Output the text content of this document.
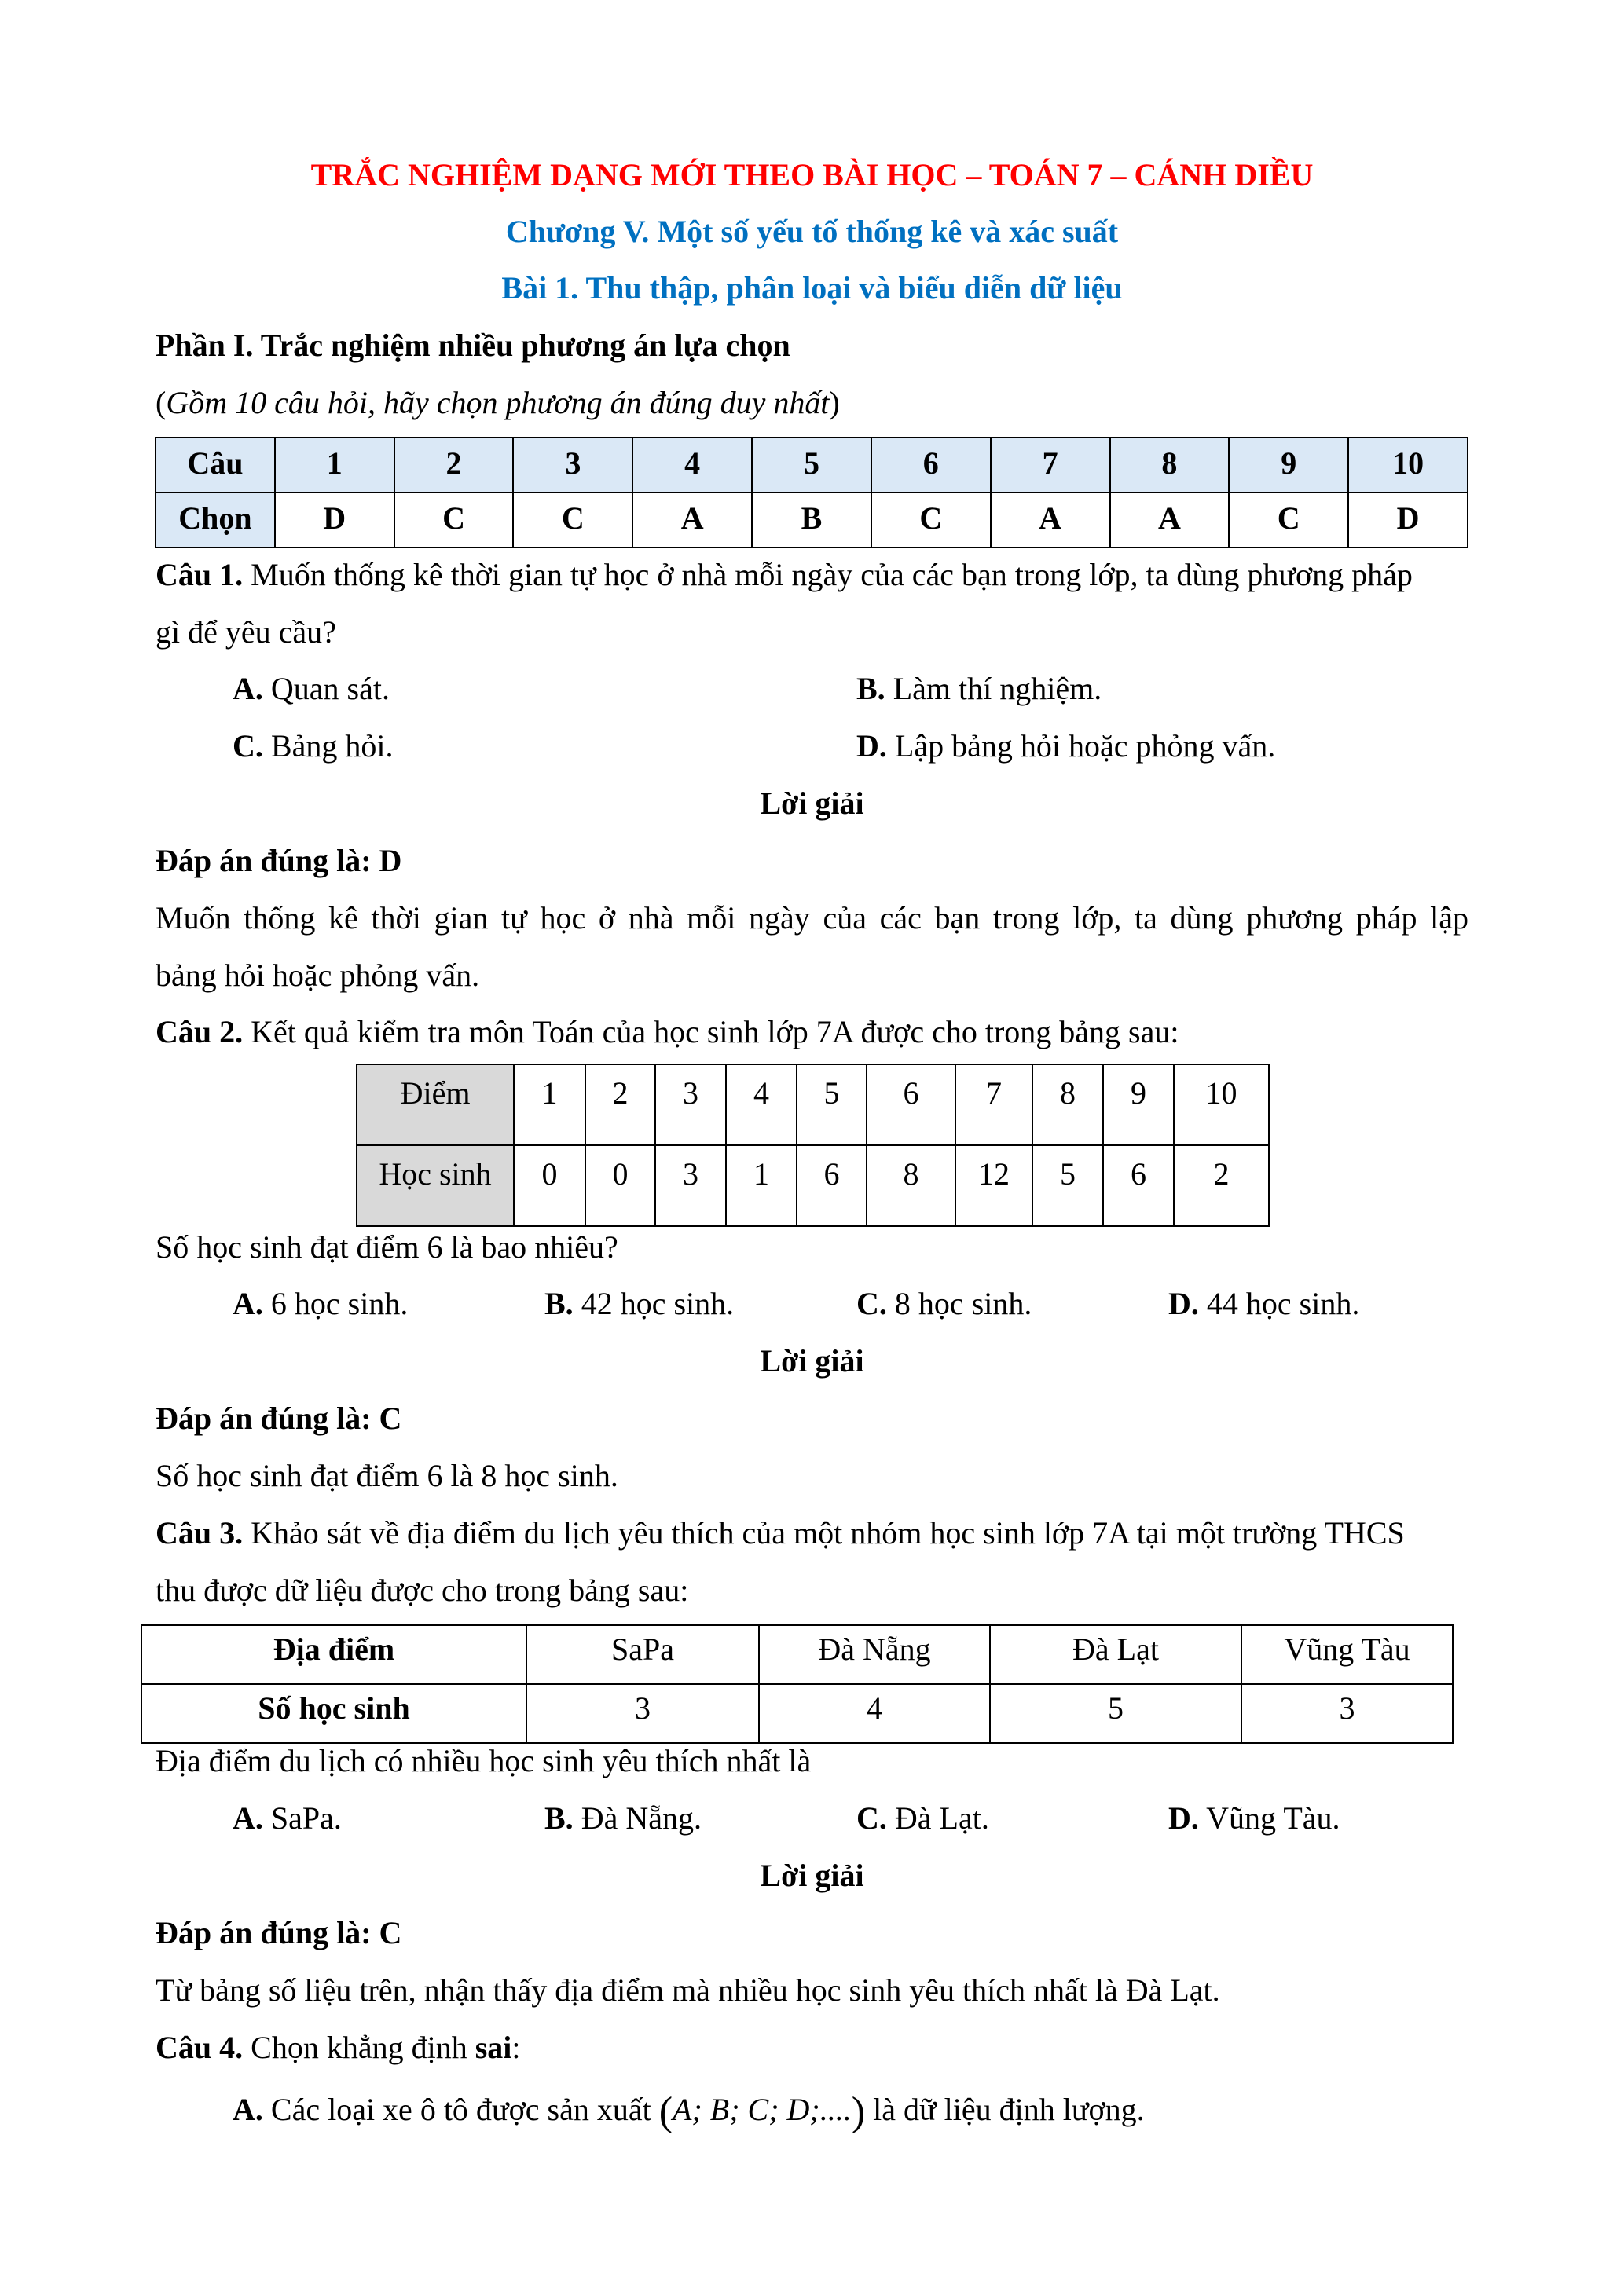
TRẮC NGHIỆM DẠNG MỚI THEO BÀI HỌC – TOÁN 7 – CÁNH DIỀU
Chương V. Một số yếu tố thống kê và xác suất
Bài 1. Thu thập, phân loại và biểu diễn dữ liệu
Phần I. Trắc nghiệm nhiều phương án lựa chọn
(Gồm 10 câu hỏi, hãy chọn phương án đúng duy nhất)
Câu	1	2	3	4	5	6	7	8	9	10
Chọn	D	C	C	A	B	C	A	A	C	D
Câu 1. Muốn thống kê thời gian tự học ở nhà mỗi ngày của các bạn trong lớp, ta dùng phương pháp
gì để yêu cầu?
A. Quan sát.	B. Làm thí nghiệm.
C. Bảng hỏi.	D. Lập bảng hỏi hoặc phỏng vấn.
Lời giải
Đáp án đúng là: D
Muốn thống kê thời gian tự học ở nhà mỗi ngày của các bạn trong lớp, ta dùng phương pháp lập
bảng hỏi hoặc phỏng vấn.
Câu 2. Kết quả kiểm tra môn Toán của học sinh lớp 7A được cho trong bảng sau:
Điểm	1	2	3	4	5	6	7	8	9	10
Học sinh	0	0	3	1	6	8	12	5	6	2
Số học sinh đạt điểm 6 là bao nhiêu?
A. 6 học sinh.	B. 42 học sinh.	C. 8 học sinh.	D. 44 học sinh.
Lời giải
Đáp án đúng là: C
Số học sinh đạt điểm 6 là 8 học sinh.
Câu 3. Khảo sát về địa điểm du lịch yêu thích của một nhóm học sinh lớp 7A tại một trường THCS
thu được dữ liệu được cho trong bảng sau:
Địa điểm	SaPa	Đà Nẵng	Đà Lạt	Vũng Tàu
Số học sinh	3	4	5	3
Địa điểm du lịch có nhiều học sinh yêu thích nhất là
A. SaPa.	B. Đà Nẵng.	C. Đà Lạt.	D. Vũng Tàu.
Lời giải
Đáp án đúng là: C
Từ bảng số liệu trên, nhận thấy địa điểm mà nhiều học sinh yêu thích nhất là Đà Lạt.
Câu 4. Chọn khẳng định sai:
A. Các loại xe ô tô được sản xuất (A; B; C; D;....) là dữ liệu định lượng.
